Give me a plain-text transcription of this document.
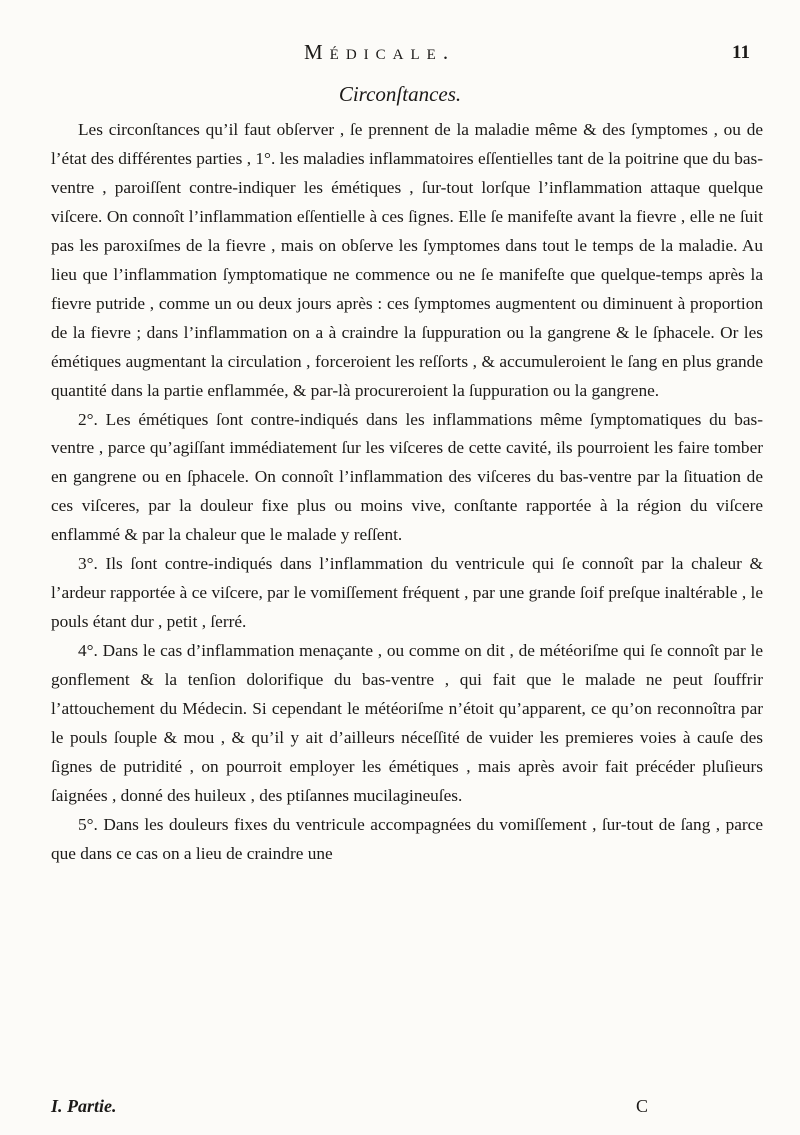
Médicale.	11
Circonſtances.

Les circonſtances qu’il faut obſerver , ſe prennent de la maladie même & des ſymptomes , ou de l’état des différentes parties , 1°. les maladies inflammatoires eſſentielles tant de la poitrine que du bas-ventre , paroiſſent contre-indiquer les émétiques , ſur-tout lorſque l’inflammation attaque quelque viſcere. On connoît l’inflammation eſſentielle à ces ſignes. Elle ſe manifeſte avant la fievre , elle ne ſuit pas les paroxiſmes de la fievre , mais on obſerve les ſymptomes dans tout le temps de la maladie. Au lieu que l’inflammation ſymptomatique ne commence ou ne ſe manifeſte que quelque-temps après la fievre putride , comme un ou deux jours après : ces ſymptomes augmentent ou diminuent à proportion de la fievre ; dans l’inflammation on a à craindre la ſuppuration ou la gangrene & le ſphacele. Or les émétiques augmentant la circulation , forceroient les reſſorts , & accumuleroient le ſang en plus grande quantité dans la partie enflammée, & par-là procureroient la ſuppuration ou la gangrene.

2°. Les émétiques ſont contre-indiqués dans les inflammations même ſymptomatiques du bas-ventre , parce qu’agiſſant immédiatement ſur les viſceres de cette cavité, ils pourroient les faire tomber en gangrene ou en ſphacele. On connoît l’inflammation des viſceres du bas-ventre par la ſituation de ces viſceres, par la douleur fixe plus ou moins vive, conſtante rapportée à la région du viſcere enflammé & par la chaleur que le malade y reſſent.

3°. Ils ſont contre-indiqués dans l’inflammation du ventricule qui ſe connoît par la chaleur & l’ardeur rapportée à ce viſcere, par le vomiſſement fréquent , par une grande ſoif preſque inaltérable , le pouls étant dur , petit , ſerré.

4°. Dans le cas d’inflammation menaçante , ou comme on dit , de météoriſme qui ſe connoît par le gonflement & la tenſion dolorifique du bas-ventre , qui fait que le malade ne peut ſouffrir l’attouchement du Médecin. Si cependant le météoriſme n’étoit qu’apparent, ce qu’on reconnoîtra par le pouls ſouple & mou , & qu’il y ait d’ailleurs néceſſité de vuider les premieres voies à cauſe des ſignes de putridité , on pourroit employer les émétiques , mais après avoir fait précéder pluſieurs ſaignées , donné des huileux , des ptiſannes mucilagineuſes.

5°. Dans les douleurs fixes du ventricule accompagnées du vomiſſement , ſur-tout de ſang , parce que dans ce cas on a lieu de craindre une

I. Partie.	C
